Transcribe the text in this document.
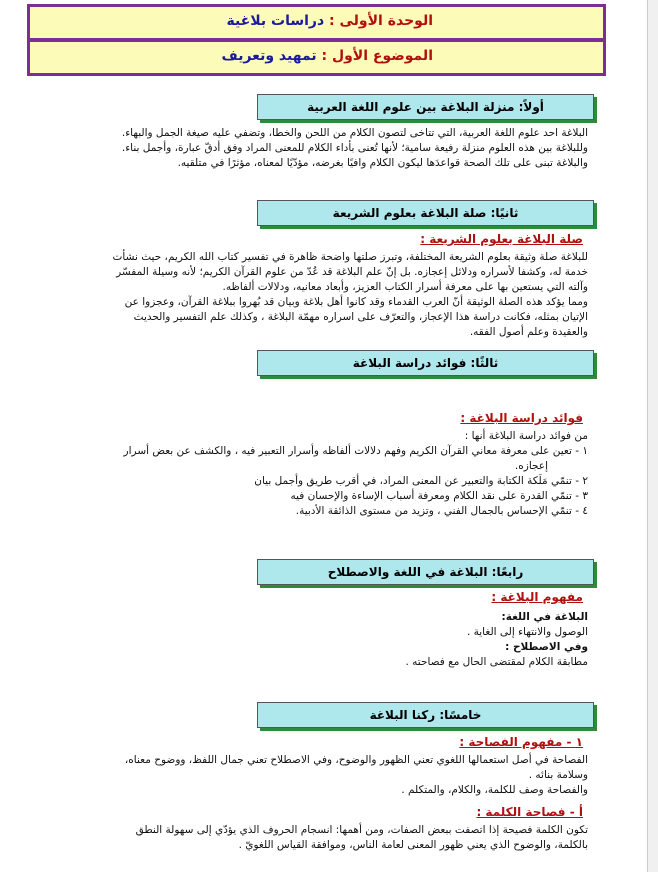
الوحدة الأولى : دراسات بلاغية
الموضوع الأول : تمهيد وتعريف
أولاً: منزلة البلاغة بين علوم اللغة العربية
البلاغة احد علوم اللغة العربية، التي تتاخى لتصون الكلام من اللحن والخطا، وتضفي عليه صيغة الجمل والبهاء.
وللبلاغة بين هذه العلوم منزلة رفيعة سامية؛ لأنها تُعنى بأداء الكلام للمعنى المراد وفق أدقّ عبارة، وأجمل بناء.
والبلاغة تبنى على تلك الصحة قواعدَها ليكون الكلام وافيًا بغرضه، مؤدّيًا لمعناه، مؤثرًا في متلقيه.
ثانيًا: صلة البلاغة بعلوم الشريعة
صلة البلاغة بعلوم الشريعة :
للبلاغة صلة وثيقة بعلوم الشريعة المختلفة، وتبرز صلتها واضحة ظاهرة في تفسير كتاب الله الكريم، حيث نشأت
خدمة له، وكشفا لأسراره ودلائل إعجازه. بل إنّ علم البلاغة قد عُدّ من علوم القرآن الكريم؛ لأنه وسيلة المفسّر
وآلته التي يستعين بها على معرفة أسرار الكتاب العزيز، وأبعاد معانيه، ودلالات ألفاظه.
ومما يؤكد هذه الصلة الوثيقة أنّ العرب القدماء وقد كانوا أهل بلاغة وبيان قد بُهروا ببلاغة القرآن، وعجزوا عن
الإتيان بمثله، فكانت دراسة هذا الإعجاز، والتعرّف على اسراره مهمّة البلاغة ، وكذلك علم التفسير والحديث
والعقيدة وعلم أصول الفقه.
ثالثًا: فوائد دراسة البلاغة
فوائد دراسة البلاغة :
من فوائد دراسة البلاغة أنها :
١ - تعين على معرفة معاني القرآن الكريم وفهم دلالات ألفاظه وأسرار التعبير فيه ، والكشف عن بعض أسرار
إعجازه.
٢ - تنمّي مَلَكة الكتابة والتعبير عن المعنى المراد، في أقرب طريق وأجمل بيان
٣ - تنمّي القدرة على نقد الكلام ومعرفة أسباب الإساءة والإحسان فيه
٤ - تنمّي الإحساس بالجمال الفني ، وتزيد من مستوى الذائقة الأدبية.
رابعًا: البلاغة في اللغة والاصطلاح
مفهوم البلاغة :
البلاغة في اللغة:
الوصول والانتهاء إلى الغاية .
وفي الاصطلاح :
مطابقة الكلام لمقتضى الحال مع فصاحته .
خامسًا: ركنا البلاغة
١ - مفهوم الفصاحة :
الفصاحة في أصل استعمالها اللغوي تعني الظهور والوضوح، وفي الاصطلاح تعني جمال اللفظ، ووضوح معناه،
وسلامة بنائه .
والفصاحة وصف للكلمة، والكلام، والمتكلم .
أ - فصاحة الكلمة :
تكون الكلمة فصيحة إذا اتصفت ببعض الصفات، ومن أهمها: انسجام الحروف الذي يؤدّي إلى سهولة النطق
بالكلمة، والوضوح الذي يعني ظهور المعنى لعامة الناس، وموافقة القياس اللغويّ .
